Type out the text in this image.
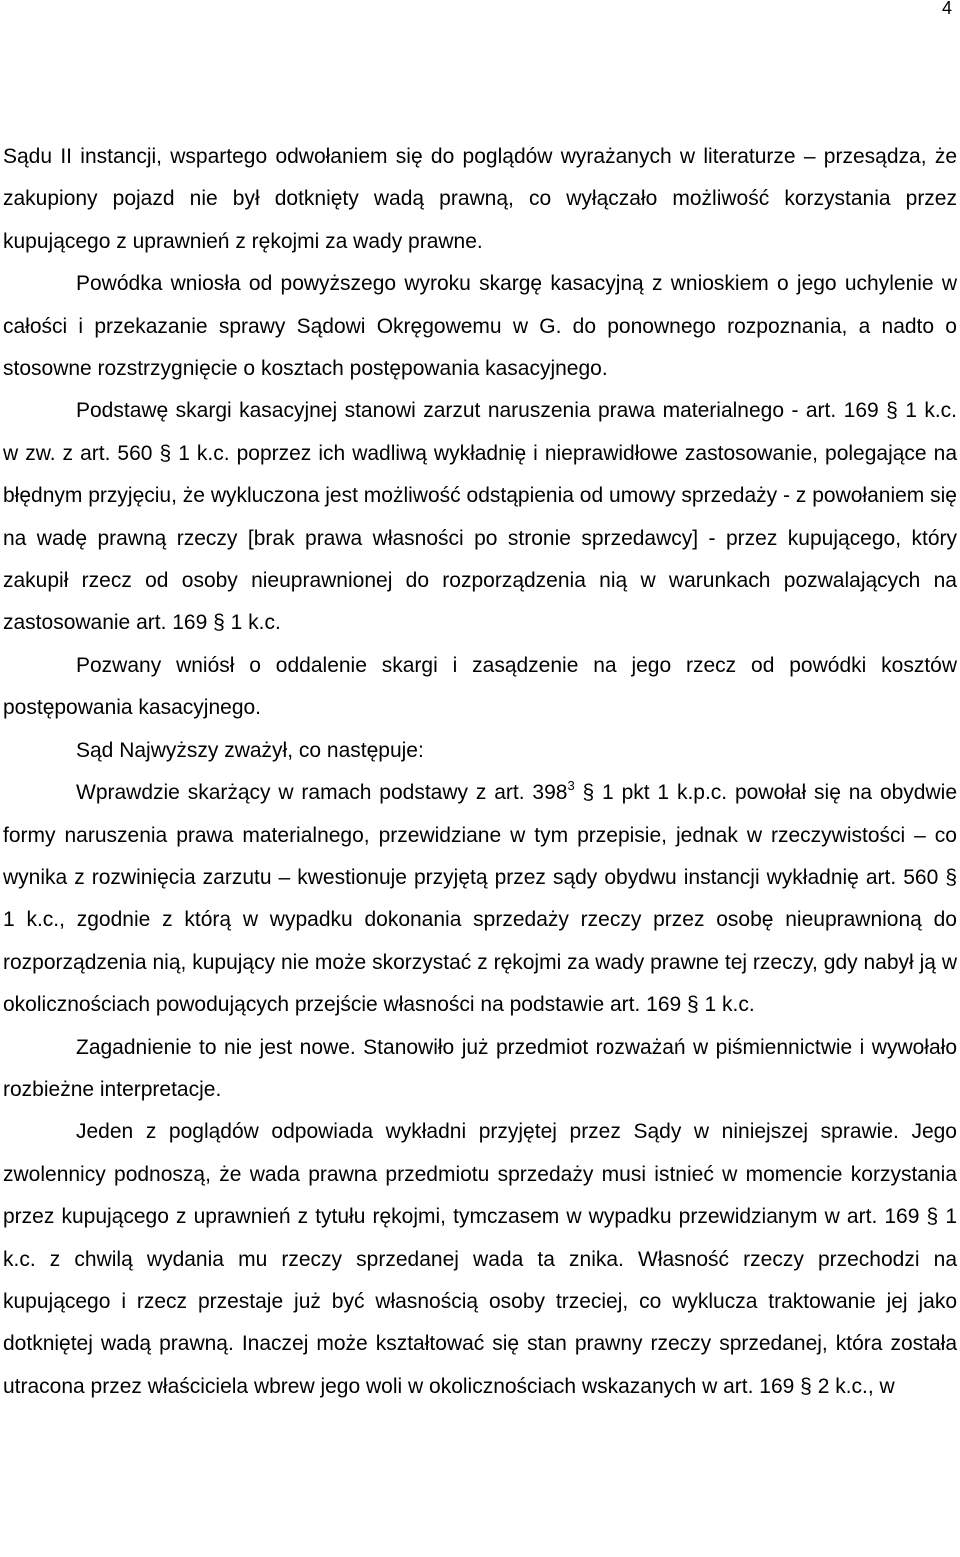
4

Sądu II instancji, wspartego odwołaniem się do poglądów wyrażanych w literaturze – przesądza, że zakupiony pojazd nie był dotknięty wadą prawną, co wyłączało możliwość korzystania przez kupującego z uprawnień z rękojmi za wady prawne.

Powódka wniosła od powyższego wyroku skargę kasacyjną z wnioskiem o jego uchylenie w całości i przekazanie sprawy Sądowi Okręgowemu w G. do ponownego rozpoznania, a nadto o stosowne rozstrzygnięcie o kosztach postępowania kasacyjnego.

Podstawę skargi kasacyjnej stanowi zarzut naruszenia prawa materialnego - art. 169 § 1 k.c. w zw. z art. 560 § 1 k.c. poprzez ich wadliwą wykładnię i nieprawidłowe zastosowanie, polegające na błędnym przyjęciu, że wykluczona jest możliwość odstąpienia od umowy sprzedaży - z powołaniem się na wadę prawną rzeczy [brak prawa własności po stronie sprzedawcy] - przez kupującego, który zakupił rzecz od osoby nieuprawnionej do rozporządzenia nią w warunkach pozwalających na zastosowanie art. 169 § 1 k.c.

Pozwany wniósł o oddalenie skargi i zasądzenie na jego rzecz od powódki kosztów postępowania kasacyjnego.

Sąd Najwyższy zważył, co następuje:

Wprawdzie skarżący w ramach podstawy z art. $398^3$ § 1 pkt 1 k.p.c. powołał się na obydwie formy naruszenia prawa materialnego, przewidziane w tym przepisie, jednak w rzeczywistości – co wynika z rozwinięcia zarzutu – kwestionuje przyjętą przez sądy obydwu instancji wykładnię art. 560 § 1 k.c., zgodnie z którą w wypadku dokonania sprzedaży rzeczy przez osobę nieuprawnioną do rozporządzenia nią, kupujący nie może skorzystać z rękojmi za wady prawne tej rzeczy, gdy nabył ją w okolicznościach powodujących przejście własności na podstawie art. 169 § 1 k.c.

Zagadnienie to nie jest nowe. Stanowiło już przedmiot rozważań w piśmiennictwie i wywołało rozbieżne interpretacje.

Jeden z poglądów odpowiada wykładni przyjętej przez Sądy w niniejszej sprawie. Jego zwolennicy podnoszą, że wada prawna przedmiotu sprzedaży musi istnieć w momencie korzystania przez kupującego z uprawnień z tytułu rękojmi, tymczasem w wypadku przewidzianym w art. 169 § 1 k.c. z chwilą wydania mu rzeczy sprzedanej wada ta znika. Własność rzeczy przechodzi na kupującego i rzecz przestaje już być własnością osoby trzeciej, co wyklucza traktowanie jej jako dotkniętej wadą prawną. Inaczej może kształtować się stan prawny rzeczy sprzedanej, która została utracona przez właściciela wbrew jego woli w okolicznościach wskazanych w art. 169 § 2 k.c., w
